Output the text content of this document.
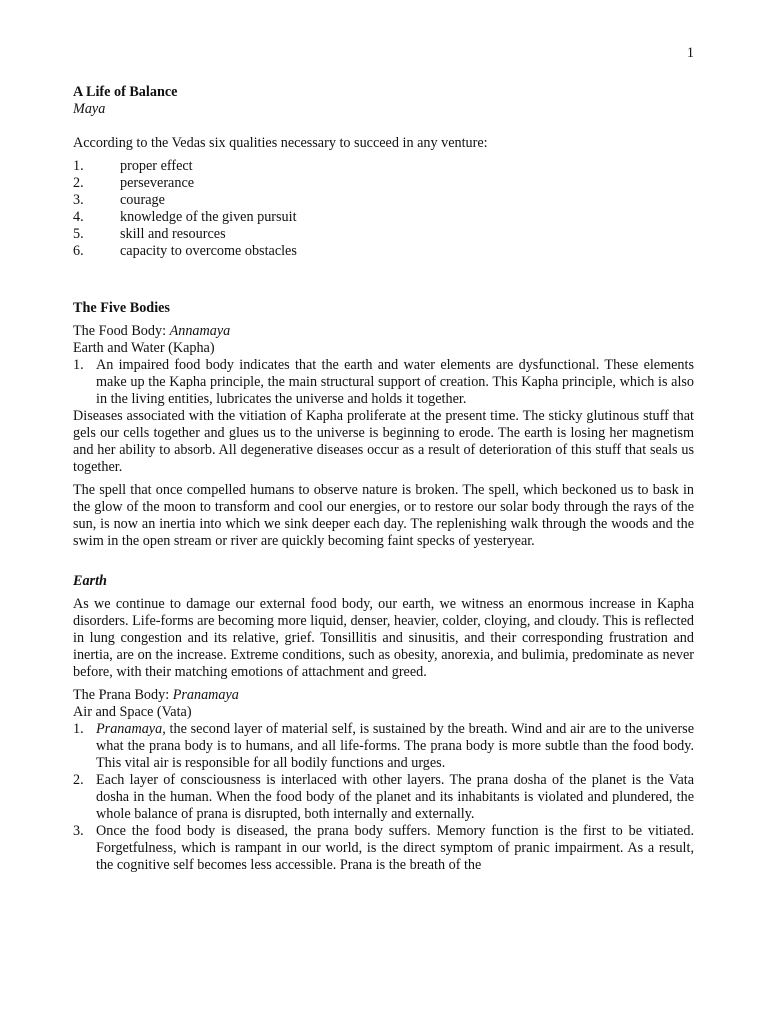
1
A Life of Balance
Maya

According to the Vedas six qualities necessary to succeed in any venture:

1.	proper effect
2.	perseverance
3.	courage
4.	knowledge of the given pursuit
5.	skill and resources
6.	capacity to overcome obstacles
The Five Bodies
The Food Body: Annamaya
Earth and Water (Kapha)
1. An impaired food body indicates that the earth and water elements are dysfunctional. These elements make up the Kapha principle, the main structural support of creation. This Kapha principle, which is also in the living entities, lubricates the universe and holds it together.

Diseases associated with the vitiation of Kapha proliferate at the present time. The sticky glutinous stuff that gels our cells together and glues us to the universe is beginning to erode. The earth is losing her magnetism and her ability to absorb. All degenerative diseases occur as a result of deterioration of this stuff that seals us together.

The spell that once compelled humans to observe nature is broken. The spell, which beckoned us to bask in the glow of the moon to transform and cool our energies, or to restore our solar body through the rays of the sun, is now an inertia into which we sink deeper each day. The replenishing walk through the woods and the swim in the open stream or river are quickly becoming faint specks of yesteryear.

Earth

As we continue to damage our external food body, our earth, we witness an enormous increase in Kapha disorders. Life-forms are becoming more liquid, denser, heavier, colder, cloying, and cloudy. This is reflected in lung congestion and its relative, grief. Tonsillitis and sinusitis, and their corresponding frustration and inertia, are on the increase. Extreme conditions, such as obesity, anorexia, and bulimia, predominate as never before, with their matching emotions of attachment and greed.

The Prana Body: Pranamaya
Air and Space (Vata)
1. Pranamaya, the second layer of material self, is sustained by the breath. Wind and air are to the universe what the prana body is to humans, and all life-forms. The prana body is more subtle than the food body. This vital air is responsible for all bodily functions and urges.
2. Each layer of consciousness is interlaced with other layers. The prana dosha of the planet is the Vata dosha in the human. When the food body of the planet and its inhabitants is violated and plundered, the whole balance of prana is disrupted, both internally and externally.
3. Once the food body is diseased, the prana body suffers. Memory function is the first to be vitiated. Forgetfulness, which is rampant in our world, is the direct symptom of pranic impairment. As a result, the cognitive self becomes less accessible. Prana is the breath of the
